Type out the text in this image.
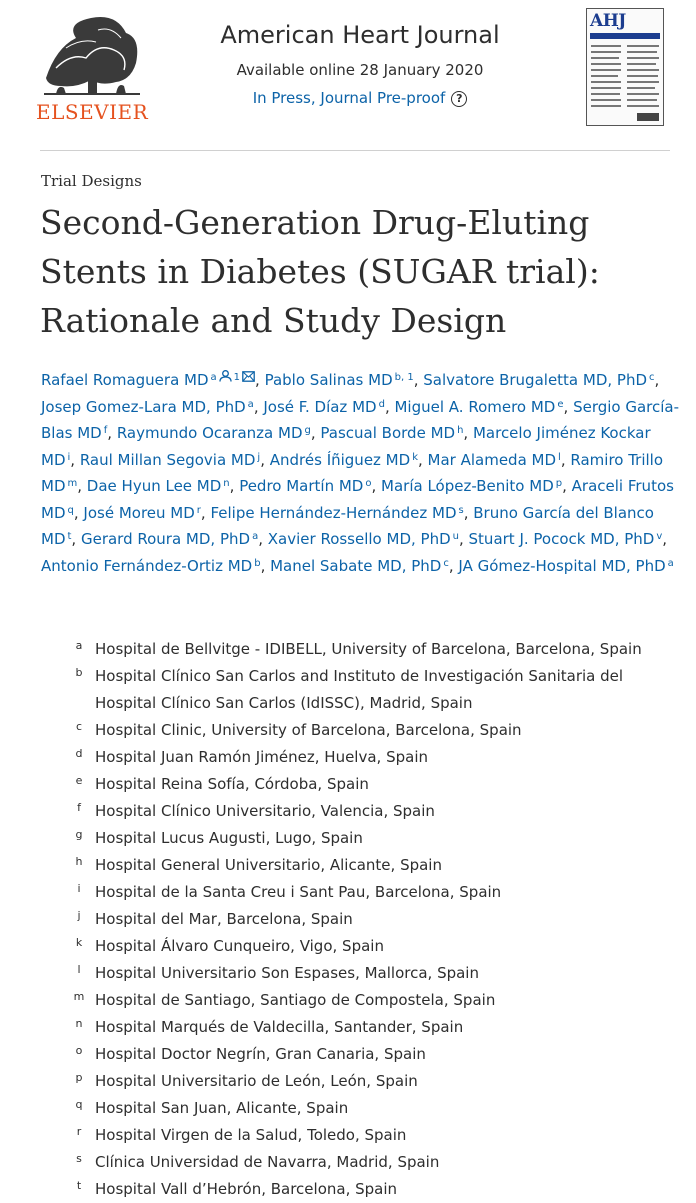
ELSEVIER
American Heart Journal
Available online 28 January 2020
In Press, Journal Pre-proof ?
AHJ
Trial Designs
Second-Generation Drug-Eluting Stents in Diabetes (SUGAR trial): Rationale and Study Design
Rafael Romaguera MD $^a$ $^1$ , Pablo Salinas MD $^{b, 1}$, Salvatore Brugaletta MD, PhD $^c$, Josep Gomez-Lara MD, PhD $^a$, José F. Díaz MD $^d$, Miguel A. Romero MD $^e$, Sergio García-Blas MD $^f$, Raymundo Ocaranza MD $^g$, Pascual Borde MD $^h$, Marcelo Jiménez Kockar MD $^i$, Raul Millan Segovia MD $^j$, Andrés Íñiguez MD $^k$, Mar Alameda MD $^l$, Ramiro Trillo MD $^m$, Dae Hyun Lee MD $^n$, Pedro Martín MD $^o$, María López-Benito MD $^p$, Araceli Frutos MD $^q$, José Moreu MD $^r$, Felipe Hernández-Hernández MD $^s$, Bruno García del Blanco MD $^t$, Gerard Roura MD, PhD $^a$, Xavier Rossello MD, PhD $^u$, Stuart J. Pocock MD, PhD $^v$, Antonio Fernández-Ortiz MD $^b$, Manel Sabate MD, PhD $^c$, JA Gómez-Hospital MD, PhD $^a$
a Hospital de Bellvitge - IDIBELL, University of Barcelona, Barcelona, Spain
b Hospital Clínico San Carlos and Instituto de Investigación Sanitaria del Hospital Clínico San Carlos (IdISSC), Madrid, Spain
c Hospital Clinic, University of Barcelona, Barcelona, Spain
d Hospital Juan Ramón Jiménez, Huelva, Spain
e Hospital Reina Sofía, Córdoba, Spain
f Hospital Clínico Universitario, Valencia, Spain
g Hospital Lucus Augusti, Lugo, Spain
h Hospital General Universitario, Alicante, Spain
i Hospital de la Santa Creu i Sant Pau, Barcelona, Spain
j Hospital del Mar, Barcelona, Spain
k Hospital Álvaro Cunqueiro, Vigo, Spain
l Hospital Universitario Son Espases, Mallorca, Spain
m Hospital de Santiago, Santiago de Compostela, Spain
n Hospital Marqués de Valdecilla, Santander, Spain
o Hospital Doctor Negrín, Gran Canaria, Spain
p Hospital Universitario de León, León, Spain
q Hospital San Juan, Alicante, Spain
r Hospital Virgen de la Salud, Toledo, Spain
s Clínica Universidad de Navarra, Madrid, Spain
t Hospital Vall d’Hebrón, Barcelona, Spain
